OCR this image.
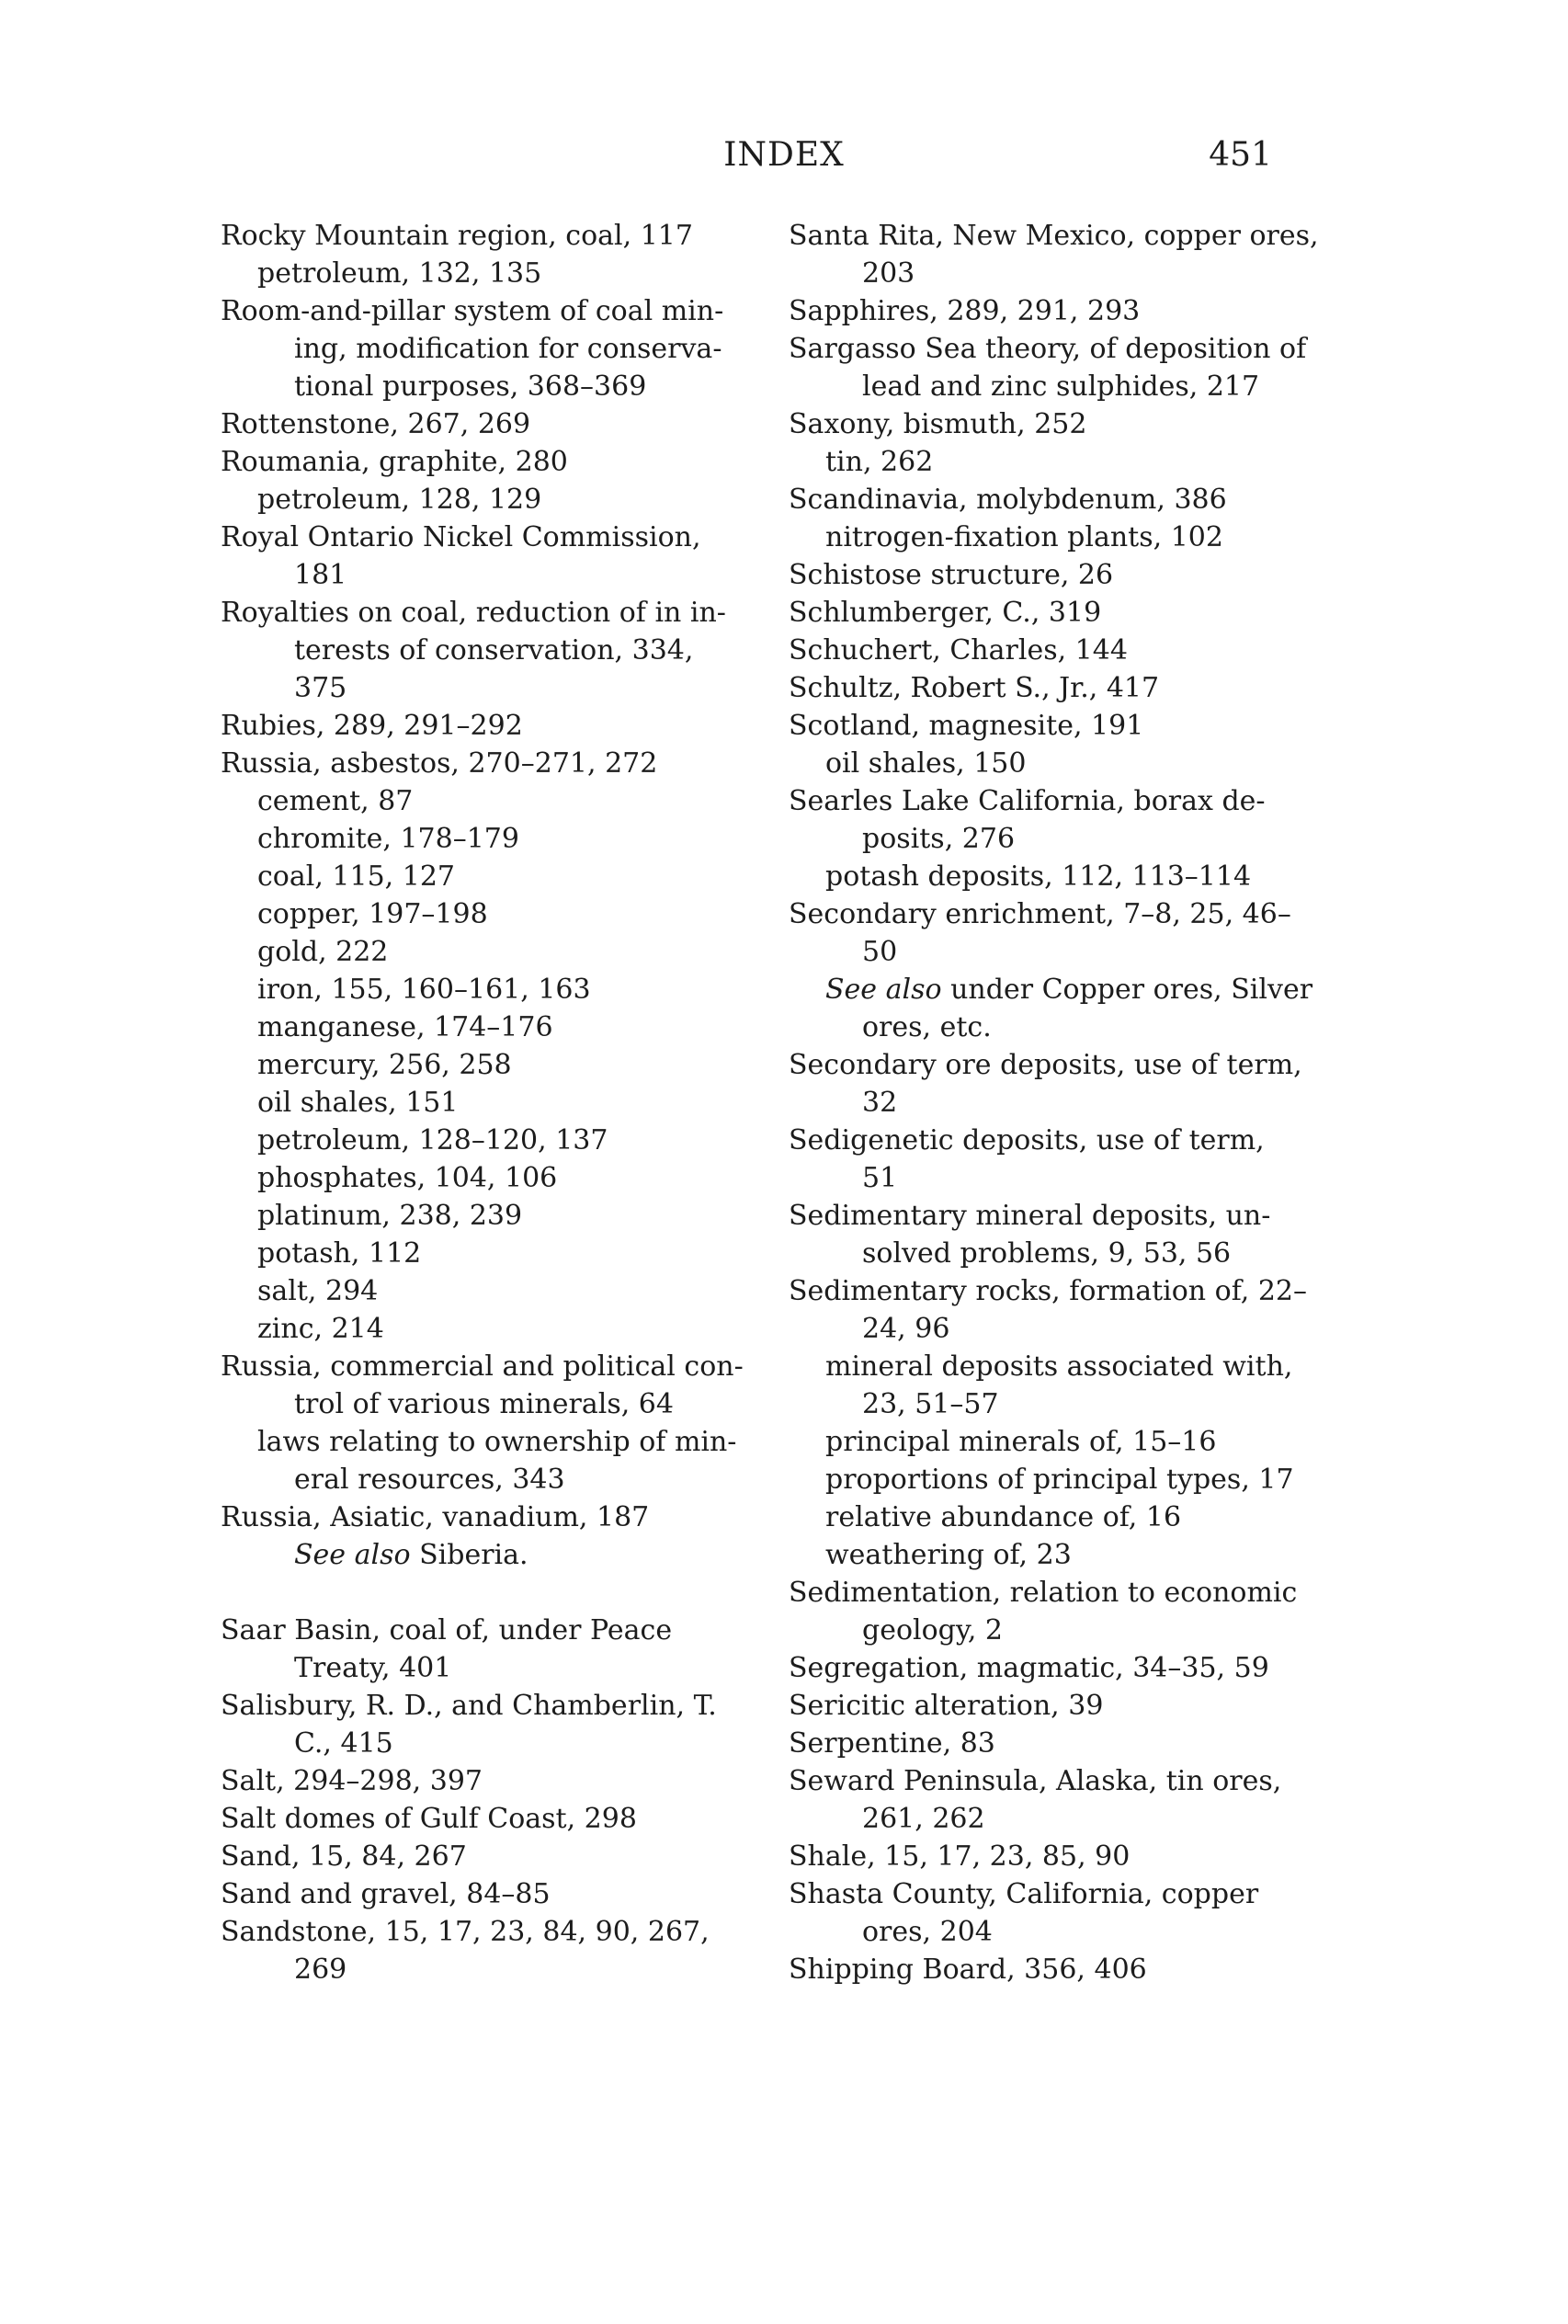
INDEX	451
Rocky Mountain region, coal, 117
petroleum, 132, 135
Room-and-pillar system of coal min-
ing, modification for conserva-
tional purposes, 368–369
Rottenstone, 267, 269
Roumania, graphite, 280
petroleum, 128, 129
Royal Ontario Nickel Commission,
181
Royalties on coal, reduction of in in-
terests of conservation, 334,
375
Rubies, 289, 291–292
Russia, asbestos, 270–271, 272
cement, 87
chromite, 178–179
coal, 115, 127
copper, 197–198
gold, 222
iron, 155, 160–161, 163
manganese, 174–176
mercury, 256, 258
oil shales, 151
petroleum, 128–120, 137
phosphates, 104, 106
platinum, 238, 239
potash, 112
salt, 294
zinc, 214
Russia, commercial and political con-
trol of various minerals, 64
laws relating to ownership of min-
eral resources, 343
Russia, Asiatic, vanadium, 187
See also Siberia.
Saar Basin, coal of, under Peace
Treaty, 401
Salisbury, R. D., and Chamberlin, T.
C., 415
Salt, 294–298, 397
Salt domes of Gulf Coast, 298
Sand, 15, 84, 267
Sand and gravel, 84–85
Sandstone, 15, 17, 23, 84, 90, 267,
269
Santa Rita, New Mexico, copper ores,
203
Sapphires, 289, 291, 293
Sargasso Sea theory, of deposition of
lead and zinc sulphides, 217
Saxony, bismuth, 252
tin, 262
Scandinavia, molybdenum, 386
nitrogen-fixation plants, 102
Schistose structure, 26
Schlumberger, C., 319
Schuchert, Charles, 144
Schultz, Robert S., Jr., 417
Scotland, magnesite, 191
oil shales, 150
Searles Lake California, borax de-
posits, 276
potash deposits, 112, 113–114
Secondary enrichment, 7–8, 25, 46–
50
See also under Copper ores, Silver
ores, etc.
Secondary ore deposits, use of term,
32
Sedigenetic deposits, use of term,
51
Sedimentary mineral deposits, un-
solved problems, 9, 53, 56
Sedimentary rocks, formation of, 22–
24, 96
mineral deposits associated with,
23, 51–57
principal minerals of, 15–16
proportions of principal types, 17
relative abundance of, 16
weathering of, 23
Sedimentation, relation to economic
geology, 2
Segregation, magmatic, 34–35, 59
Sericitic alteration, 39
Serpentine, 83
Seward Peninsula, Alaska, tin ores,
261, 262
Shale, 15, 17, 23, 85, 90
Shasta County, California, copper
ores, 204
Shipping Board, 356, 406
